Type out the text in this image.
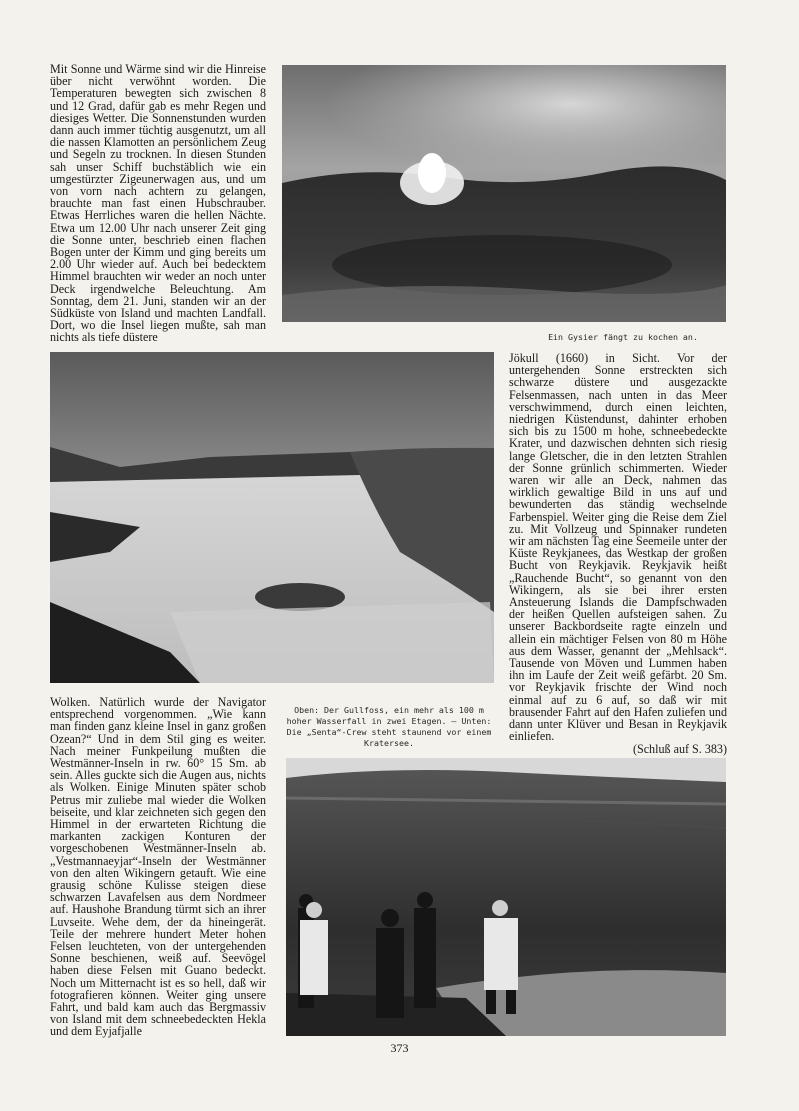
Mit Sonne und Wärme sind wir die Hinreise über nicht verwöhnt worden. Die Temperaturen bewegten sich zwischen 8 und 12 Grad, dafür gab es mehr Regen und diesiges Wetter. Die Sonnenstunden wurden dann auch immer tüchtig ausgenutzt, um all die nassen Klamotten an persönlichem Zeug und Segeln zu trocknen. In diesen Stunden sah unser Schiff buchstäblich wie ein umgestürzter Zigeunerwagen aus, und um von vorn nach achtern zu gelangen, brauchte man fast einen Hubschrauber. Etwas Herrliches waren die hellen Nächte. Etwa um 12.00 Uhr nach unserer Zeit ging die Sonne unter, beschrieb einen flachen Bogen unter der Kimm und ging bereits um 2.00 Uhr wieder auf. Auch bei bedecktem Himmel brauchten wir weder an noch unter Deck irgendwelche Beleuchtung. Am Sonntag, dem 21. Juni, standen wir an der Südküste von Island und machten Landfall. Dort, wo die Insel liegen mußte, sah man nichts als tiefe düstere	Ein Gysier fängt zu kochen an.
Oben: Der Gullfoss, ein mehr als 100 m hoher Wasserfall in zwei Etagen. — Unten: Die „Senta“-Crew steht staunend vor einem Kratersee.

Jökull (1660) in Sicht. Vor der untergehenden Sonne erstreckten sich schwarze düstere und ausgezackte Felsenmassen, nach unten in das Meer verschwimmend, durch einen leichten, niedrigen Küstendunst, dahinter erhoben sich bis zu 1500 m hohe, schneebedeckte Krater, und dazwischen dehnten sich riesig lange Gletscher, die in den letzten Strahlen der Sonne grünlich schimmerten. Wieder waren wir alle an Deck, nahmen das wirklich gewaltige Bild in uns auf und bewunderten das ständig wechselnde Farbenspiel. Weiter ging die Reise dem Ziel zu. Mit Vollzeug und Spinnaker rundeten wir am nächsten Tag eine Seemeile unter der Küste Reykjanees, das Westkap der großen Bucht von Reykjavik. Reykjavik heißt „Rauchende Bucht“, so genannt von den Wikingern, als sie bei ihrer ersten Ansteuerung Islands die Dampfschwaden der heißen Quellen aufsteigen sahen. Zu unserer Backbordseite ragte einzeln und allein ein mächtiger Felsen von 80 m Höhe aus dem Wasser, genannt der „Mehlsack“. Tausende von Möven und Lummen haben ihn im Laufe der Zeit weiß gefärbt. 20 Sm. vor Reykjavik frischte der Wind noch einmal auf zu 6 auf, so daß wir mit brausender Fahrt auf den Hafen zuliefen und dann unter Klüver und Besan in Reykjavik einliefen.

(Schluß auf S. 383)

Wolken. Natürlich wurde der Navigator entsprechend vorgenommen. „Wie kann man finden ganz kleine Insel in ganz großen Ozean?“ Und in dem Stil ging es weiter. Nach meiner Funkpeilung mußten die Westmänner-Inseln in rw. 60° 15 Sm. ab sein. Alles guckte sich die Augen aus, nichts als Wolken. Einige Minuten später schob Petrus mir zuliebe mal wieder die Wolken beiseite, und klar zeichneten sich gegen den Himmel in der erwarteten Richtung die markanten zackigen Konturen der vorgeschobenen Westmänner-Inseln ab. „Vestmannaeyjar“-Inseln der Westmänner von den alten Wikingern getauft. Wie eine grausig schöne Kulisse steigen diese schwarzen Lavafelsen aus dem Nordmeer auf. Haushohe Brandung türmt sich an ihrer Luvseite. Wehe dem, der da hineingerät. Teile der mehrere hundert Meter hohen Felsen leuchteten, von der untergehenden Sonne beschienen, weiß auf. Seevögel haben diese Felsen mit Guano bedeckt. Noch um Mitternacht ist es so hell, daß wir fotografieren können. Weiter ging unsere Fahrt, und bald kam auch das Bergmassiv von Island mit dem schneebedeckten Hekla und dem Eyjafjalle

373
